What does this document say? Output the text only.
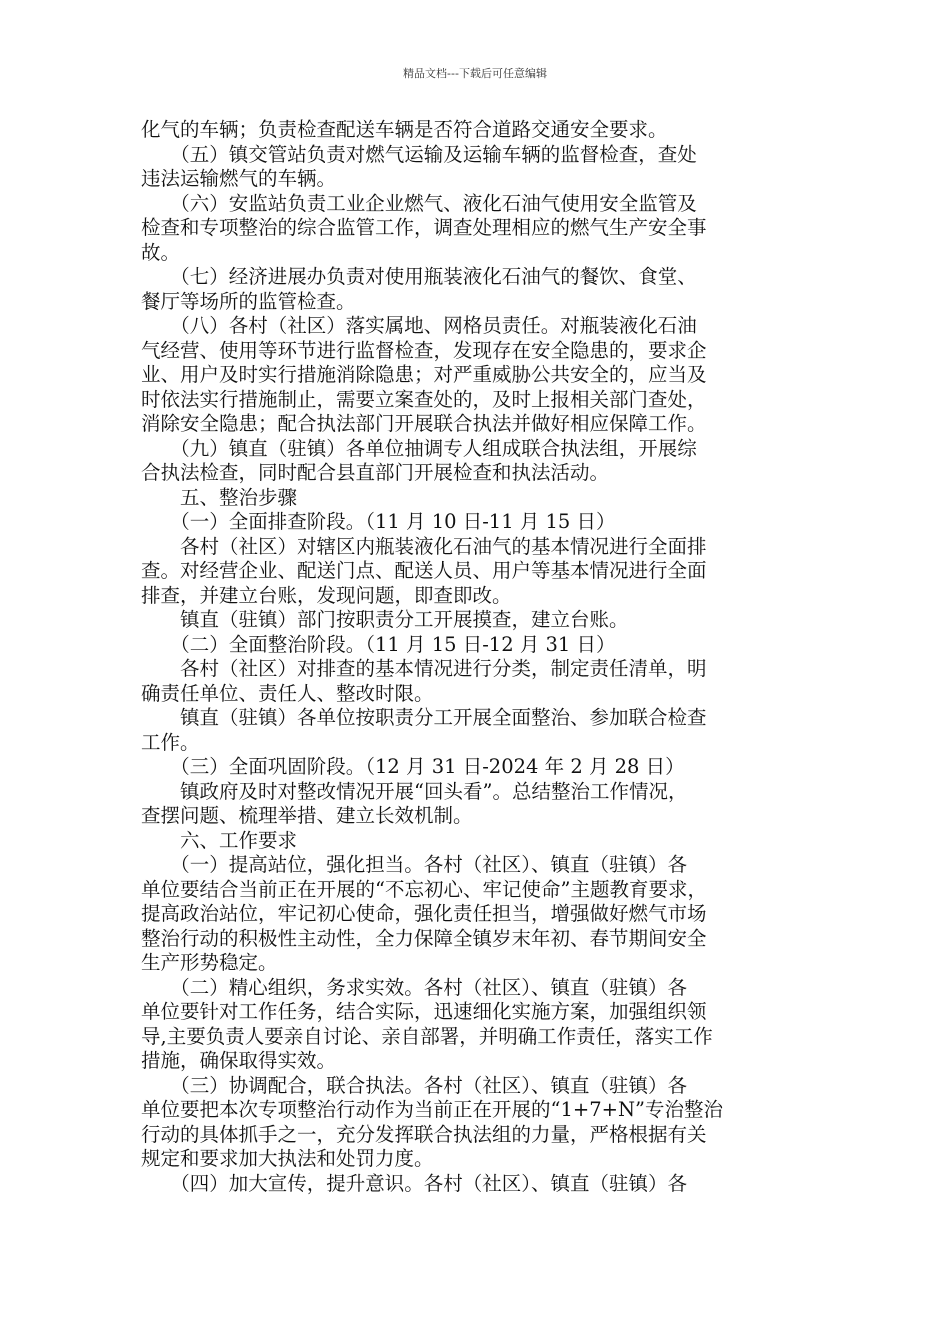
精品文档---下载后可任意编辑
化气的车辆；负责检查配送车辆是否符合道路交通安全要求。
　　（五）镇交管站负责对燃气运输及运输车辆的监督检查，查处
违法运输燃气的车辆。
　　（六）安监站负责工业企业燃气、液化石油气使用安全监管及
检查和专项整治的综合监管工作，调查处理相应的燃气生产安全事
故。
　　（七）经济进展办负责对使用瓶装液化石油气的餐饮、食堂、
餐厅等场所的监管检查。
　　（八）各村（社区）落实属地、网格员责任。对瓶装液化石油
气经营、使用等环节进行监督检查，发现存在安全隐患的，要求企
业、用户及时实行措施消除隐患；对严重威胁公共安全的，应当及
时依法实行措施制止，需要立案查处的，及时上报相关部门查处，
消除安全隐患；配合执法部门开展联合执法并做好相应保障工作。
　　（九）镇直（驻镇）各单位抽调专人组成联合执法组，开展综
合执法检查，同时配合县直部门开展检查和执法活动。
　　五、整治步骤
　　（一）全面排查阶段。（11 月 10 日-11 月 15 日）
　　各村（社区）对辖区内瓶装液化石油气的基本情况进行全面排
查。对经营企业、配送门点、配送人员、用户等基本情况进行全面
排查，并建立台账，发现问题，即查即改。
　　镇直（驻镇）部门按职责分工开展摸查，建立台账。
　　（二）全面整治阶段。（11 月 15 日-12 月 31 日）
　　各村（社区）对排查的基本情况进行分类，制定责任清单，明
确责任单位、责任人、整改时限。
　　镇直（驻镇）各单位按职责分工开展全面整治、参加联合检查
工作。
　　（三）全面巩固阶段。（12 月 31 日-2024 年 2 月 28 日）
　　镇政府及时对整改情况开展“回头看”。总结整治工作情况，
查摆问题、梳理举措、建立长效机制。
　　六、工作要求
　　（一）提高站位，强化担当。各村（社区）、镇直（驻镇）各
单位要结合当前正在开展的“不忘初心、牢记使命”主题教育要求，
提高政治站位，牢记初心使命，强化责任担当，增强做好燃气市场
整治行动的积极性主动性，全力保障全镇岁末年初、春节期间安全
生产形势稳定。
　　（二）精心组织，务求实效。各村（社区）、镇直（驻镇）各
单位要针对工作任务，结合实际，迅速细化实施方案，加强组织领
导,主要负责人要亲自讨论、亲自部署，并明确工作责任，落实工作
措施，确保取得实效。
　　（三）协调配合，联合执法。各村（社区）、镇直（驻镇）各
单位要把本次专项整治行动作为当前正在开展的“1+7+N”专治整治
行动的具体抓手之一，充分发挥联合执法组的力量，严格根据有关
规定和要求加大执法和处罚力度。
　　（四）加大宣传，提升意识。各村（社区）、镇直（驻镇）各
